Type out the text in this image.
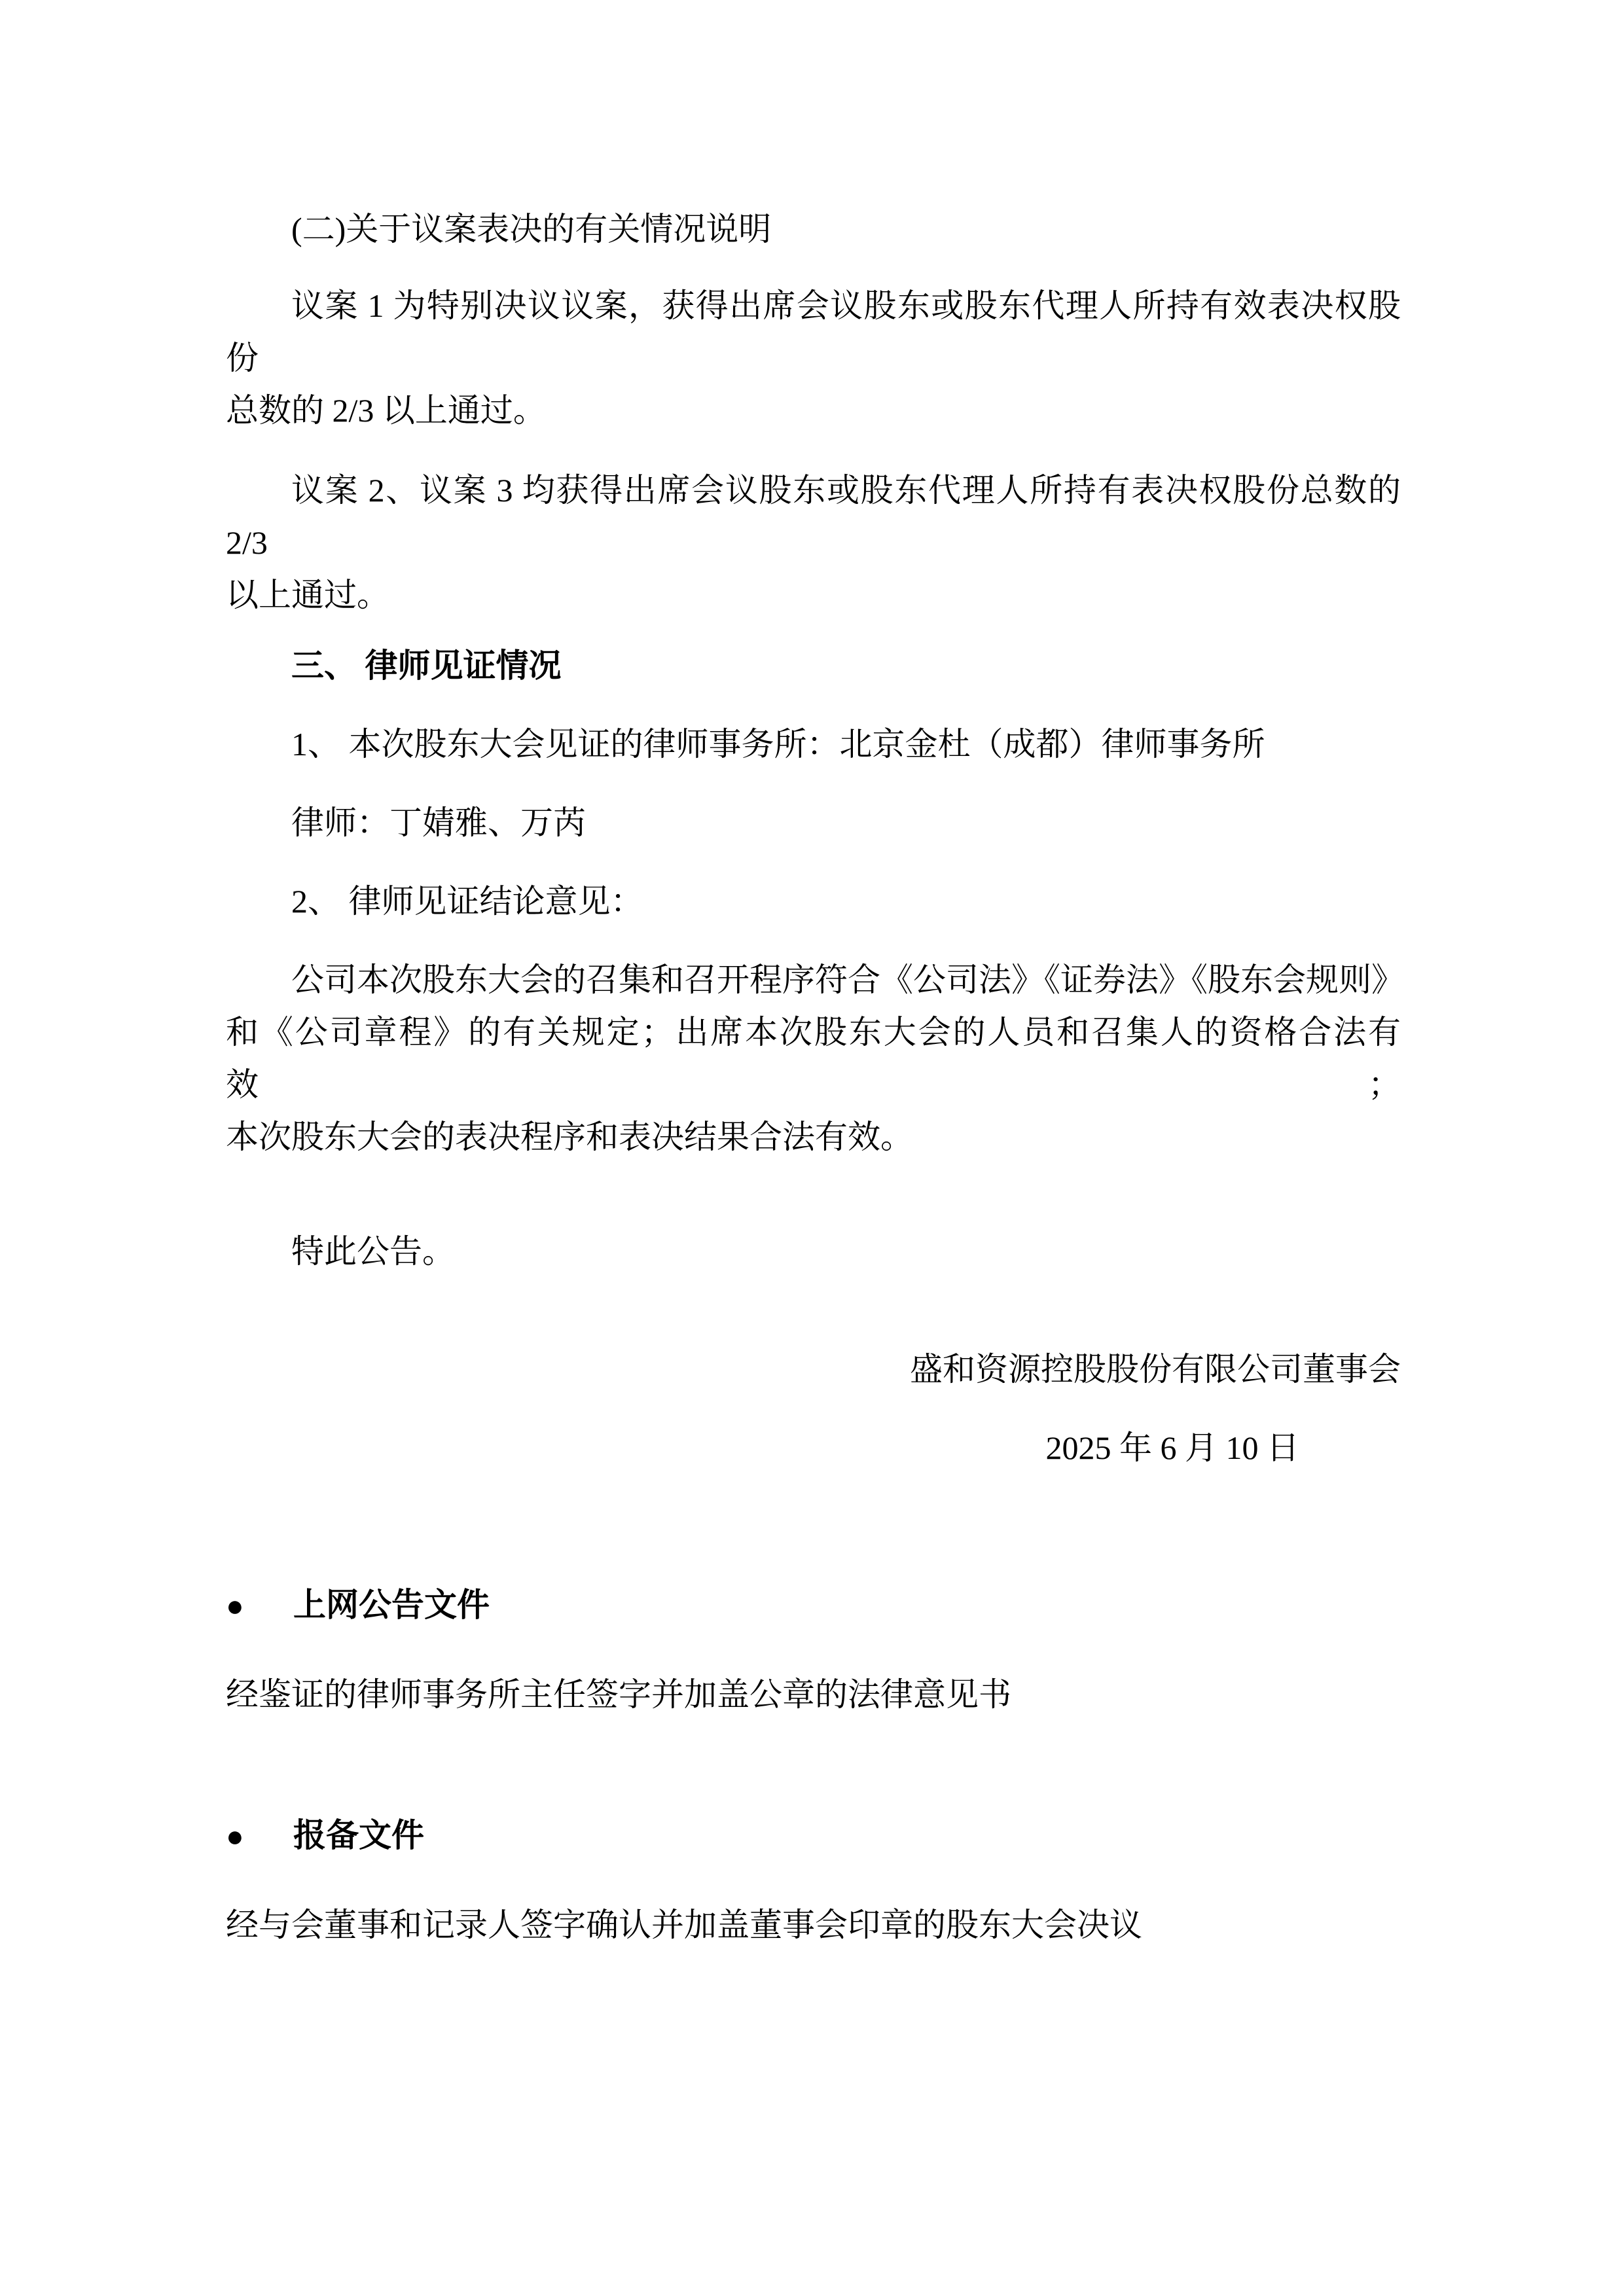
(二)关于议案表决的有关情况说明
议案 1 为特别决议议案，获得出席会议股东或股东代理人所持有效表决权股份
总数的 2/3 以上通过。
议案 2、议案 3 均获得出席会议股东或股东代理人所持有表决权股份总数的 2/3
以上通过。
三、 律师见证情况
1、 本次股东大会见证的律师事务所：北京金杜（成都）律师事务所
律师：丁婧雅、万芮
2、 律师见证结论意见：
公司本次股东大会的召集和召开程序符合《公司法》《证券法》《股东会规则》
和《公司章程》的有关规定；出席本次股东大会的人员和召集人的资格合法有效；
本次股东大会的表决程序和表决结果合法有效。
特此公告。
盛和资源控股股份有限公司董事会
2025 年 6 月 10 日
● 上网公告文件
经鉴证的律师事务所主任签字并加盖公章的法律意见书
● 报备文件
经与会董事和记录人签字确认并加盖董事会印章的股东大会决议
